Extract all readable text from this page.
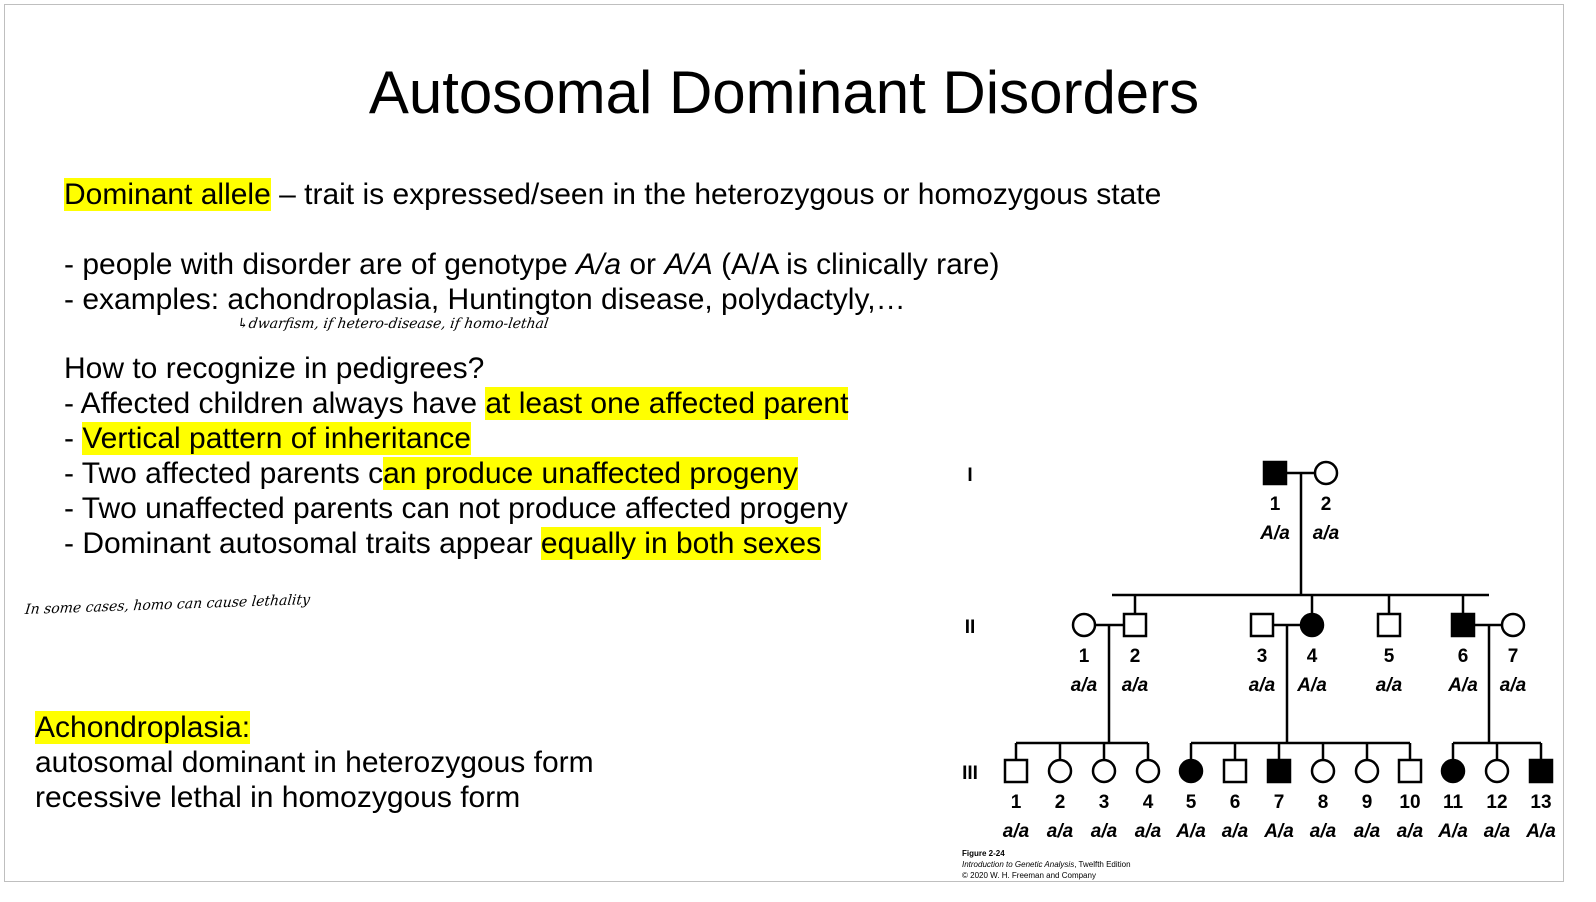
Autosomal Dominant Disorders
Dominant allele – trait is expressed/seen in the heterozygous or homozygous state
- people with disorder are of genotype A/a or A/A (A/A is clinically rare)
- examples: achondroplasia, Huntington disease, polydactyly,…
↳dwarfism, if hetero-disease, if homo-lethal
How to recognize in pedigrees?
- Affected children always have at least one affected parent
- Vertical pattern of inheritance
- Two affected parents can produce unaffected progeny
- Two unaffected parents can not produce affected progeny
- Dominant autosomal traits appear equally in both sexes
In some cases, homo can cause lethality
Achondroplasia:
autosomal dominant in heterozygous form
recessive lethal in homozygous form
I
II
III
1
A/a
2
a/a
1
a/a
2
a/a
3
a/a
4
A/a
5
a/a
6
A/a
7
a/a
1
a/a
2
a/a
3
a/a
4
a/a
5
A/a
6
a/a
7
A/a
8
a/a
9
a/a
10
a/a
11
A/a
12
a/a
13
A/a
Figure 2-24
Introduction to Genetic Analysis, Twelfth Edition
© 2020 W. H. Freeman and Company
